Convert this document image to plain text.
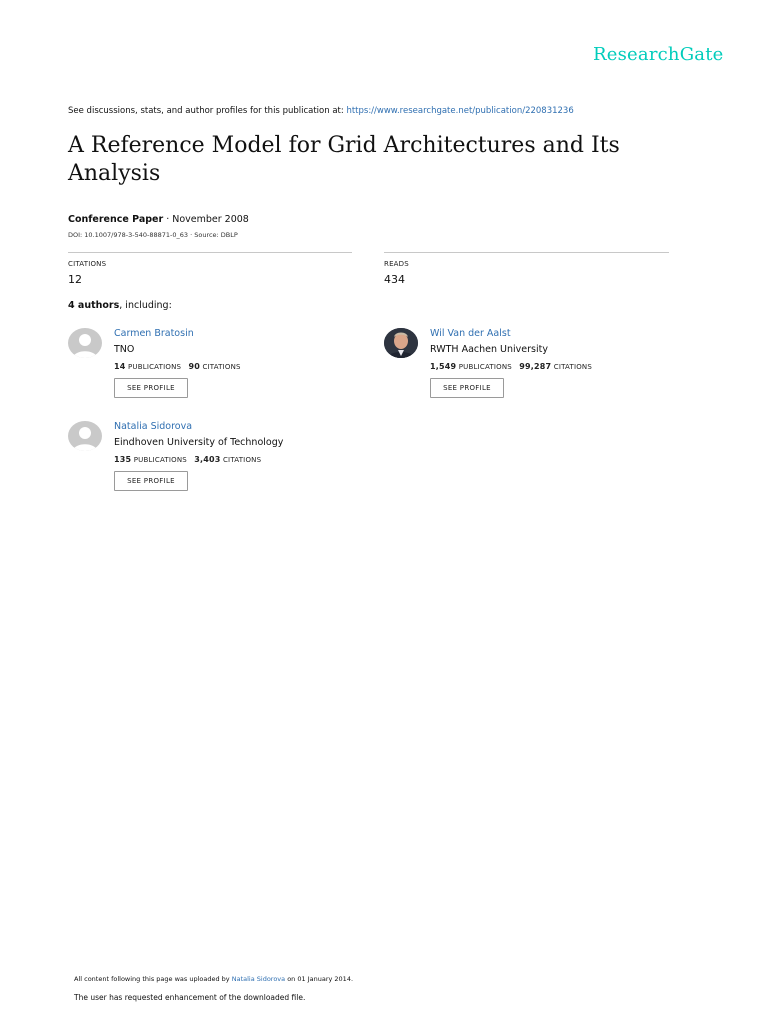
ResearchGate
See discussions, stats, and author profiles for this publication at: https://www.researchgate.net/publication/220831236
A Reference Model for Grid Architectures and Its Analysis
Conference Paper · November 2008
DOI: 10.1007/978-3-540-88871-0_63 · Source: DBLP
CITATIONS
12
READS
434
4 authors, including:
Carmen Bratosin
TNO
14 PUBLICATIONS 90 CITATIONS
SEE PROFILE
Wil Van der Aalst
RWTH Aachen University
1,549 PUBLICATIONS 99,287 CITATIONS
SEE PROFILE
Natalia Sidorova
Eindhoven University of Technology
135 PUBLICATIONS 3,403 CITATIONS
SEE PROFILE
All content following this page was uploaded by Natalia Sidorova on 01 January 2014.
The user has requested enhancement of the downloaded file.
